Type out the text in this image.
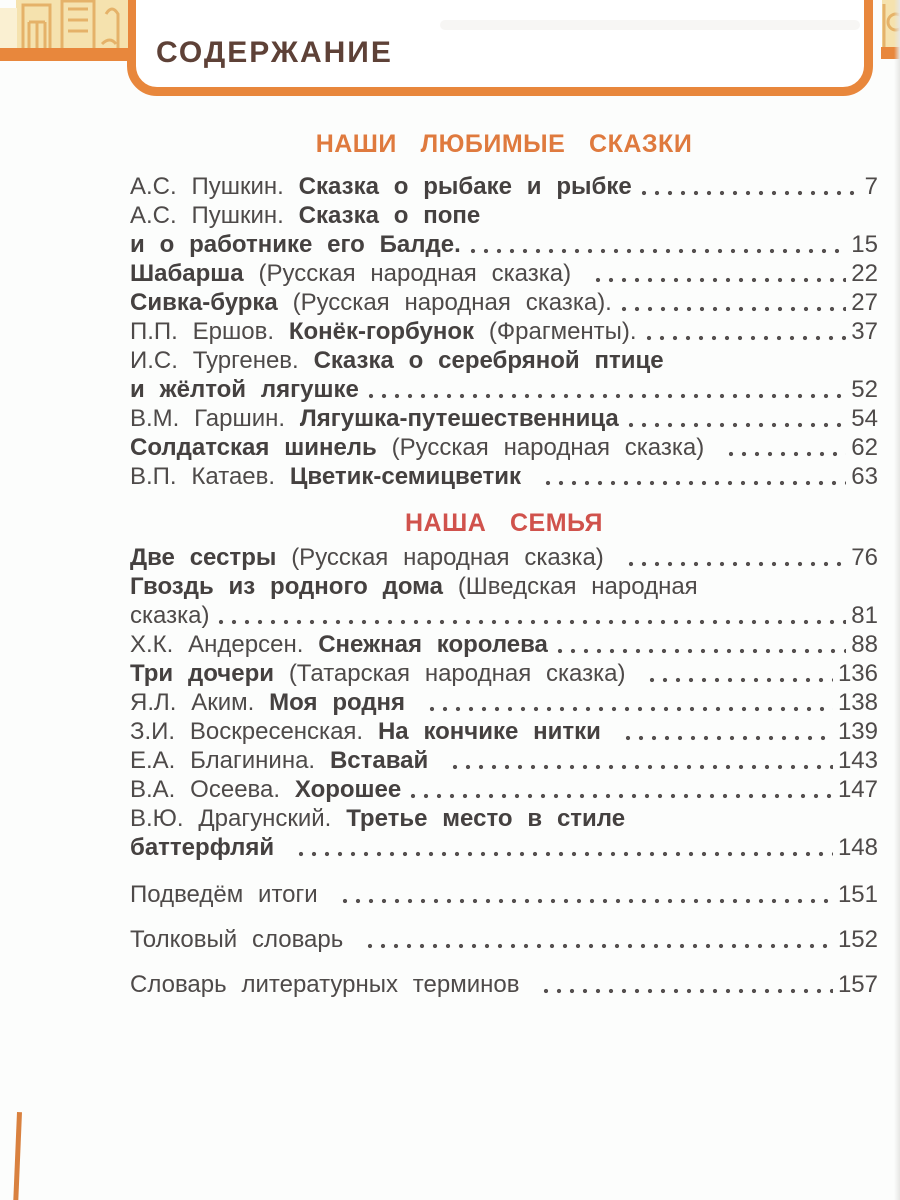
СОДЕРЖАНИЕ
НАШИ ЛЮБИМЫЕ СКАЗКИ
А.С. Пушкин. Сказка о рыбаке и рыбке	7
А.С. Пушкин. Сказка о попе
и о работнике его Балде.	15
Шабарша (Русская народная сказка)	22
Сивка-бурка (Русская народная сказка).	27
П.П. Ершов. Конёк-горбунок (Фрагменты).	37
И.С. Тургенев. Сказка о серебряной птице
и жёлтой лягушке	52
В.М. Гаршин. Лягушка-путешественница	54
Солдатская шинель (Русская народная сказка)	62
В.П. Катаев. Цветик-семицветик	63
НАША СЕМЬЯ
Две сестры (Русская народная сказка)	76
Гвоздь из родного дома (Шведская народная
сказка)	81
Х.К. Андерсен. Снежная королева	88
Три дочери (Татарская народная сказка)	136
Я.Л. Аким. Моя родня	138
З.И. Воскресенская. На кончике нитки	139
Е.А. Благинина. Вставай	143
В.А. Осеева. Хорошее	147
В.Ю. Драгунский. Третье место в стиле
баттерфляй	148
Подведём итоги	151
Толковый словарь	152
Словарь литературных терминов	157
